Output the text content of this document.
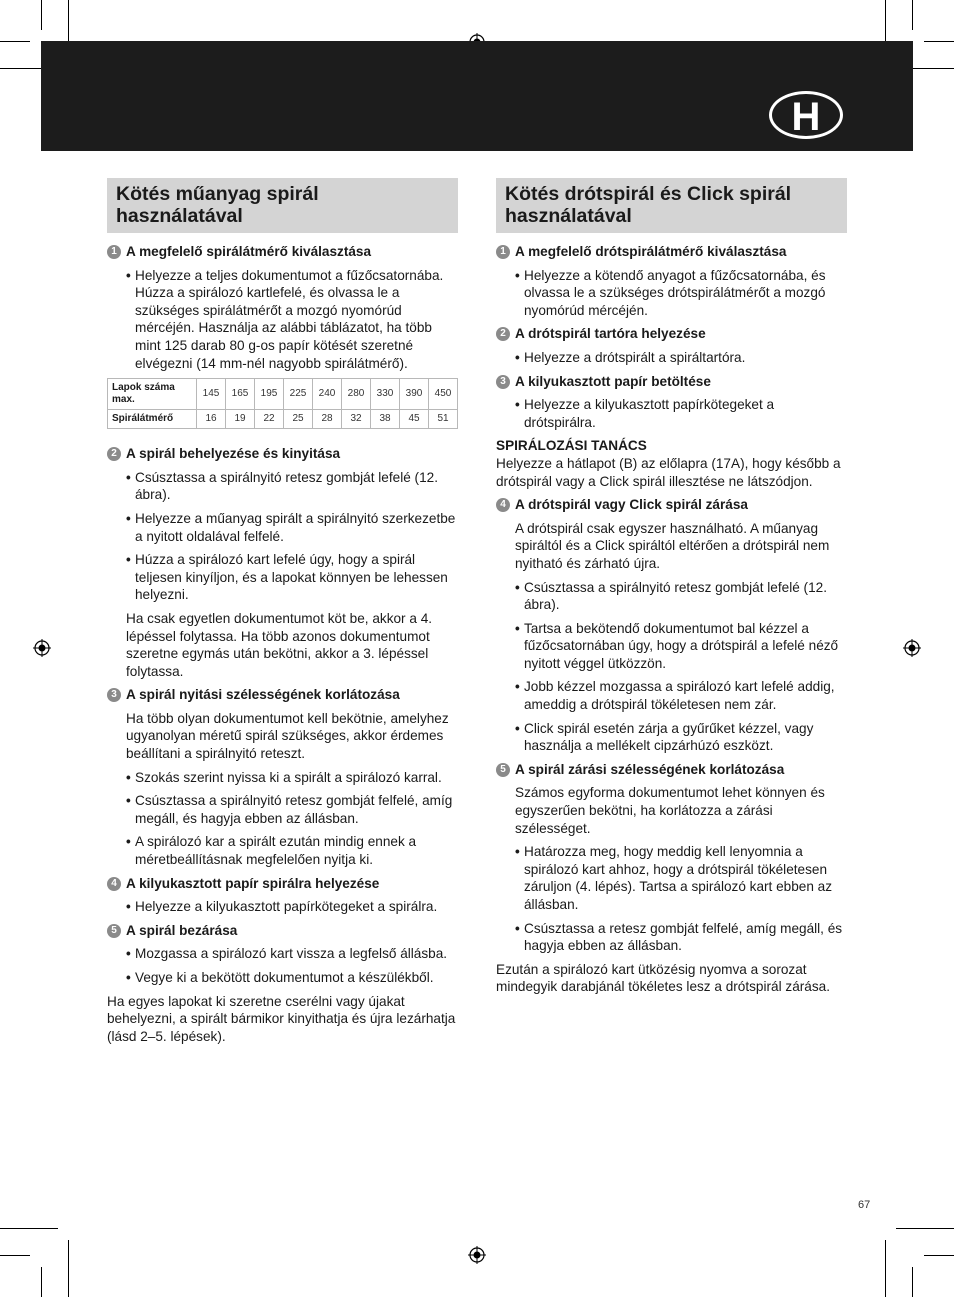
H
Kötés műanyag spirál használatával
1 A megfelelő spirálátmérő kiválasztása
• Helyezze a teljes dokumentumot a fűzőcsatornába. Húzza a spirálozó kartlefelé, és olvassa le a szükséges spirálátmérőt a mozgó nyomórúd mércéjén. Használja az alábbi táblázatot, ha több mint 125 darab 80 g-os papír kötését szeretné elvégezni (14 mm-nél nagyobb spirálátmérő).
Lapok száma max.	145	165	195	225	240	280	330	390	450
Spirálátmérő	16	19	22	25	28	32	38	45	51
2 A spirál behelyezése és kinyitása
• Csúsztassa a spirálnyitó retesz gombját lefelé (12. ábra).
• Helyezze a műanyag spirált a spirálnyitó szerkezetbe a nyitott oldalával felfelé.
• Húzza a spirálozó kart lefelé úgy, hogy a spirál teljesen kinyíljon, és a lapokat könnyen be lehessen helyezni.
Ha csak egyetlen dokumentumot köt be, akkor a 4. lépéssel folytassa. Ha több azonos dokumentumot szeretne egymás után bekötni, akkor a 3. lépéssel folytassa.
3 A spirál nyitási szélességének korlátozása
Ha több olyan dokumentumot kell bekötnie, amelyhez ugyanolyan méretű spirál szükséges, akkor érdemes beállítani a spirálnyitó reteszt.
• Szokás szerint nyissa ki a spirált a spirálozó karral.
• Csúsztassa a spirálnyitó retesz gombját felfelé, amíg megáll, és hagyja ebben az állásban.
• A spirálozó kar a spirált ezután mindig ennek a méretbeállításnak megfelelően nyitja ki.
4 A kilyukasztott papír spirálra helyezése
• Helyezze a kilyukasztott papírkötegeket a spirálra.
5 A spirál bezárása
• Mozgassa a spirálozó kart vissza a legfelső állásba.
• Vegye ki a bekötött dokumentumot a készülékből.
Ha egyes lapokat ki szeretne cserélni vagy újakat behelyezni, a spirált bármikor kinyithatja és újra lezárhatja (lásd 2–5. lépések).
Kötés drótspirál és Click spirál használatával
1 A megfelelő drótspirálátmérő kiválasztása
• Helyezze a kötendő anyagot a fűzőcsatornába, és olvassa le a szükséges drótspirálátmérőt a mozgó nyomórúd mércéjén.
2 A drótspirál tartóra helyezése
• Helyezze a drótspirált a spiráltartóra.
3 A kilyukasztott papír betöltése
• Helyezze a kilyukasztott papírkötegeket a drótspirálra.
SPIRÁLOZÁSI TANÁCS
Helyezze a hátlapot (B) az előlapra (17A), hogy később a drótspirál vagy a Click spirál illesztése ne látszódjon.
4 A drótspirál vagy Click spirál zárása
A drótspirál csak egyszer használható. A műanyag spiráltól és a Click spiráltól eltérően a drótspirál nem nyitható és zárható újra.
• Csúsztassa a spirálnyitó retesz gombját lefelé (12. ábra).
• Tartsa a bekötendő dokumentumot bal kézzel a fűzőcsatornában úgy, hogy a drótspirál a lefelé néző nyitott véggel ütközzön.
• Jobb kézzel mozgassa a spirálozó kart lefelé addig, ameddig a drótspirál tökéletesen nem zár.
• Click spirál esetén zárja a gyűrűket kézzel, vagy használja a mellékelt cipzárhúzó eszközt.
5 A spirál zárási szélességének korlátozása
Számos egyforma dokumentumot lehet könnyen és egyszerűen bekötni, ha korlátozza a zárási szélességet.
• Határozza meg, hogy meddig kell lenyomnia a spirálozó kart ahhoz, hogy a drótspirál tökéletesen záruljon (4. lépés). Tartsa a spirálozó kart ebben az állásban.
• Csúsztassa a retesz gombját felfelé, amíg megáll, és hagyja ebben az állásban.
Ezután a spirálozó kart ütközésig nyomva a sorozat mindegyik darabjánál tökéletes lesz a drótspirál zárása.
67
